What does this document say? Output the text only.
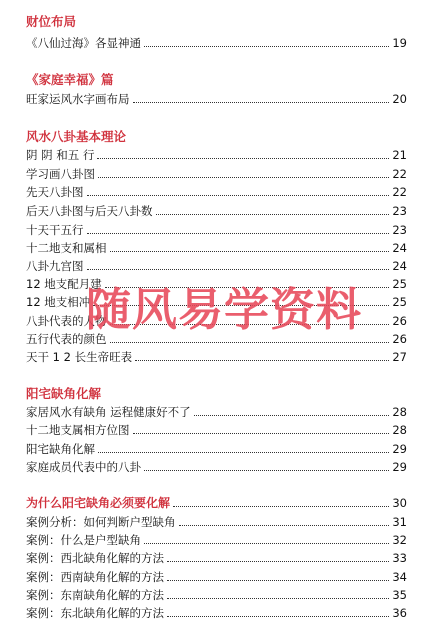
财位布局
《八仙过海》各显神通	19
《家庭幸福》篇
旺家运风水字画布局	20
风水八卦基本理论
阴 阴 和五 行	21
学习画八卦图	22
先天八卦图	22
后天八卦图与后天八卦数	23
十天干五行	23
十二地支和属相	24
八卦九宫图	24
12 地支配月建	25
12 地支相冲	25
八卦代表的人物	26
五行代表的颜色	26
天干 1 2 长生帝旺表	27
阳宅缺角化解
家居风水有缺角 运程健康好不了	28
十二地支属相方位图	28
阳宅缺角化解	29
家庭成员代表中的八卦	29
为什么阳宅缺角必须要化解	30
案例分析：如何判断户型缺角	31
案例：什么是户型缺角	32
案例：西北缺角化解的方法	33
案例：西南缺角化解的方法	34
案例：东南缺角化解的方法	35
案例：东北缺角化解的方法	36
随风易学资料
